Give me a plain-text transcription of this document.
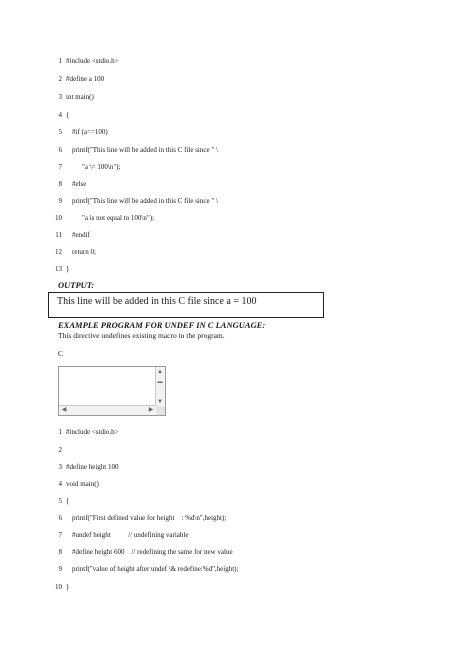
1 #include <stdio.h>
2 #define a 100
3 int main()
4 {
5 #if (a==100)
6 printf("This line will be added in this C file since " \
7	"a \= 100\n");
8 #else
9 printf("This line will be added in this C file since " \
10	"a is not equal to 100\n");
11 #endif
12 return 0;
13 }
OUTPUT:
This line will be added in this C file since a = 100
EXAMPLE PROGRAM FOR UNDEF IN C LANGUAGE:
This directive undefines existing macro in the program.
C
▲
▬
▼
◀	▶
1 #include <stdio.h>
2
3 #define height 100
4 void main()
5 {
6 printf("First defined value for height    : %d\n",height);
7 #undef height          // undefining variable
8 #define height 600    // redefining the same for new value
9 printf("value of height after undef \& redefine:%d",height);
10 }
